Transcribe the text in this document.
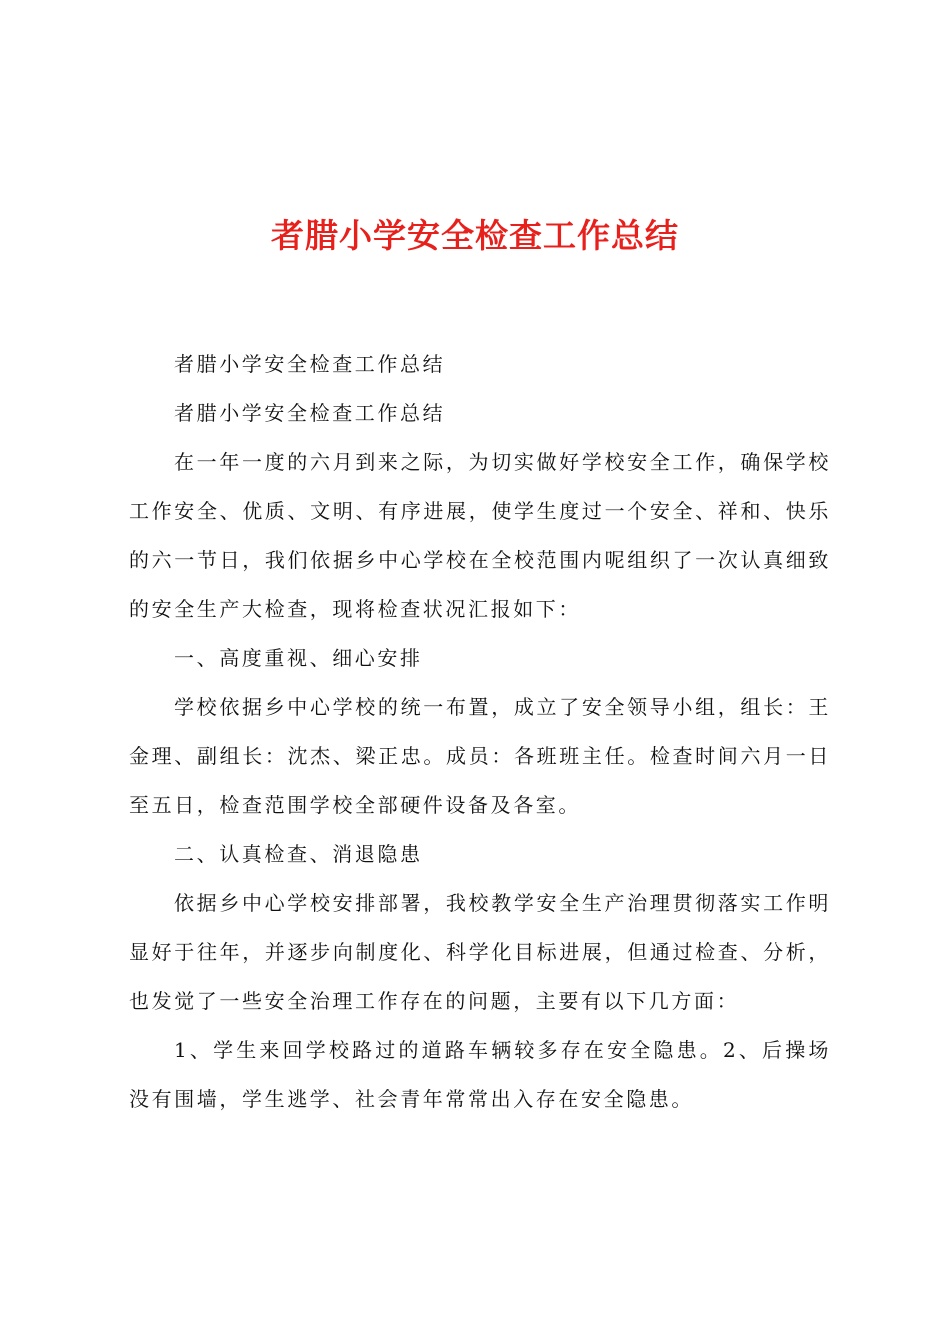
者腊小学安全检查工作总结

者腊小学安全检查工作总结

者腊小学安全检查工作总结

在一年一度的六月到来之际，为切实做好学校安全工作，确保学校工作安全、优质、文明、有序进展，使学生度过一个安全、祥和、快乐的六一节日，我们依据乡中心学校在全校范围内呢组织了一次认真细致的安全生产大检查，现将检查状况汇报如下：

一、高度重视、细心安排

学校依据乡中心学校的统一布置，成立了安全领导小组，组长：王金理、副组长：沈杰、梁正忠。成员：各班班主任。检查时间六月一日至五日，检查范围学校全部硬件设备及各室。

二、认真检查、消退隐患

依据乡中心学校安排部署，我校教学安全生产治理贯彻落实工作明显好于往年，并逐步向制度化、科学化目标进展，但通过检查、分析，也发觉了一些安全治理工作存在的问题，主要有以下几方面：

1、学生来回学校路过的道路车辆较多存在安全隐患。2、后操场没有围墙，学生逃学、社会青年常常出入存在安全隐患。
